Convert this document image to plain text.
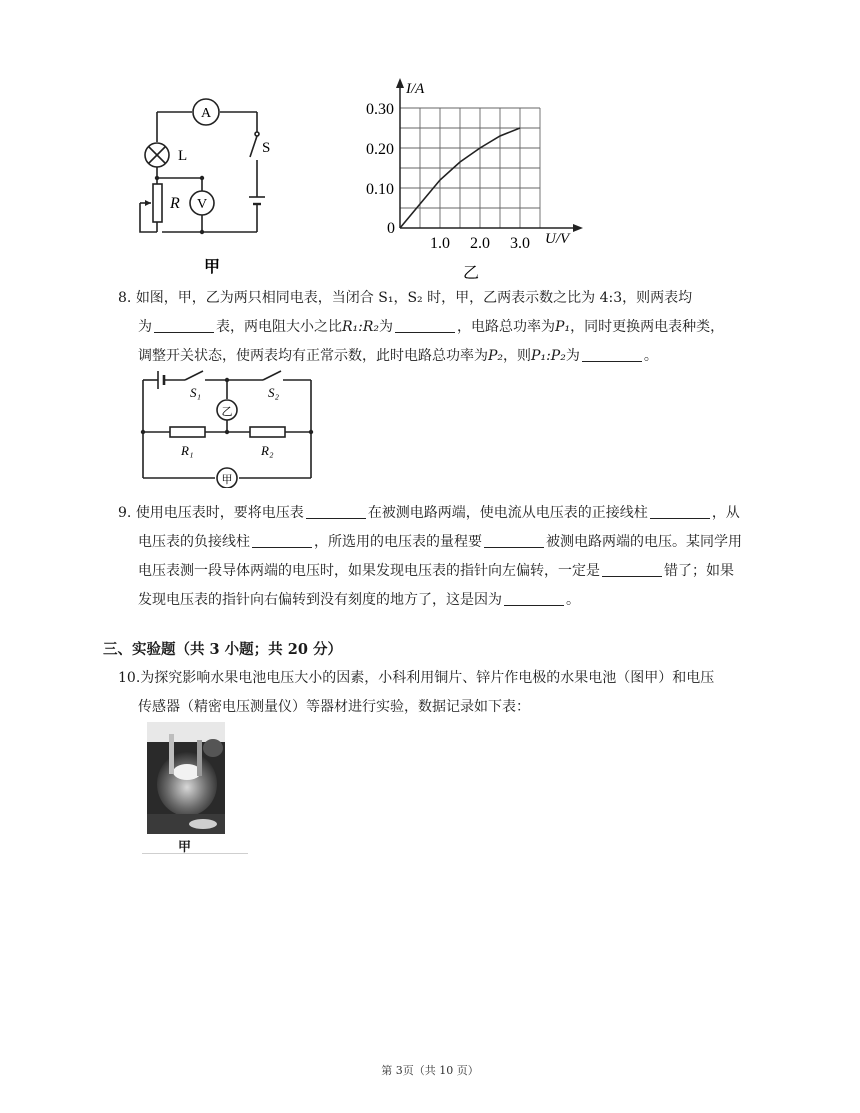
A
V
L
R
S
甲
1.0 2.0 3.0
0.10
0.20
0.30
I/A
U/V
0
乙

8. 如图，甲，乙为两只相同电表，当闭合 S₁，S₂ 时，甲，乙两表示数之比为 4:3，则两表均

为	表，两电阻大小之比R₁:R₂为	，电路总功率为P₁，同时更换两电表种类，

调整开关状态，使两表均有正常示数，此时电路总功率为P₂，则P₁:P₂为	。

S₁	S₂
乙
甲
R₁	R₂

9. 使用电压表时，要将电压表	在被测电路两端，使电流从电压表的正接线柱	，从

电压表的负接线柱	，所选用的电压表的量程要	被测电路两端的电压。某同学用

电压表测一段导体两端的电压时，如果发现电压表的指针向左偏转，一定是	错了；如果

发现电压表的指针向右偏转到没有刻度的地方了，这是因为	。

三、实验题（共 3 小题；共 20 分）

10.为探究影响水果电池电压大小的因素，小科利用铜片、锌片作电极的水果电池（图甲）和电压

传感器（精密电压测量仪）等器材进行实验，数据记录如下表：

甲
第 3页（共 10 页）
